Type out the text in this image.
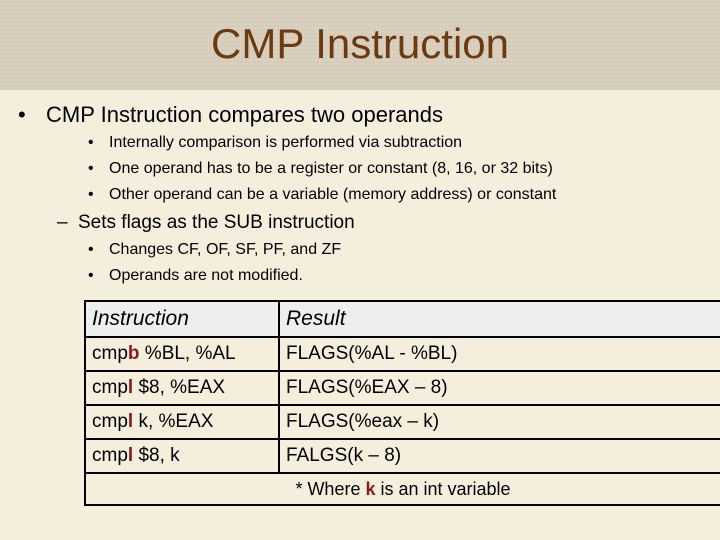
CMP Instruction
• CMP Instruction compares two operands
• Internally comparison is performed via subtraction
• One operand has to be a register or constant (8, 16, or 32 bits)
• Other operand can be a variable (memory address) or constant
– Sets flags as the SUB instruction
• Changes CF, OF, SF, PF, and ZF
• Operands are not modified.
Instruction	Result
cmpb %BL, %AL	FLAGS(%AL - %BL)
cmpl $8, %EAX	FLAGS(%EAX – 8)
cmpl k, %EAX	FLAGS(%eax – k)
cmpl $8, k	FALGS(k – 8)
* Where k is an int variable	
